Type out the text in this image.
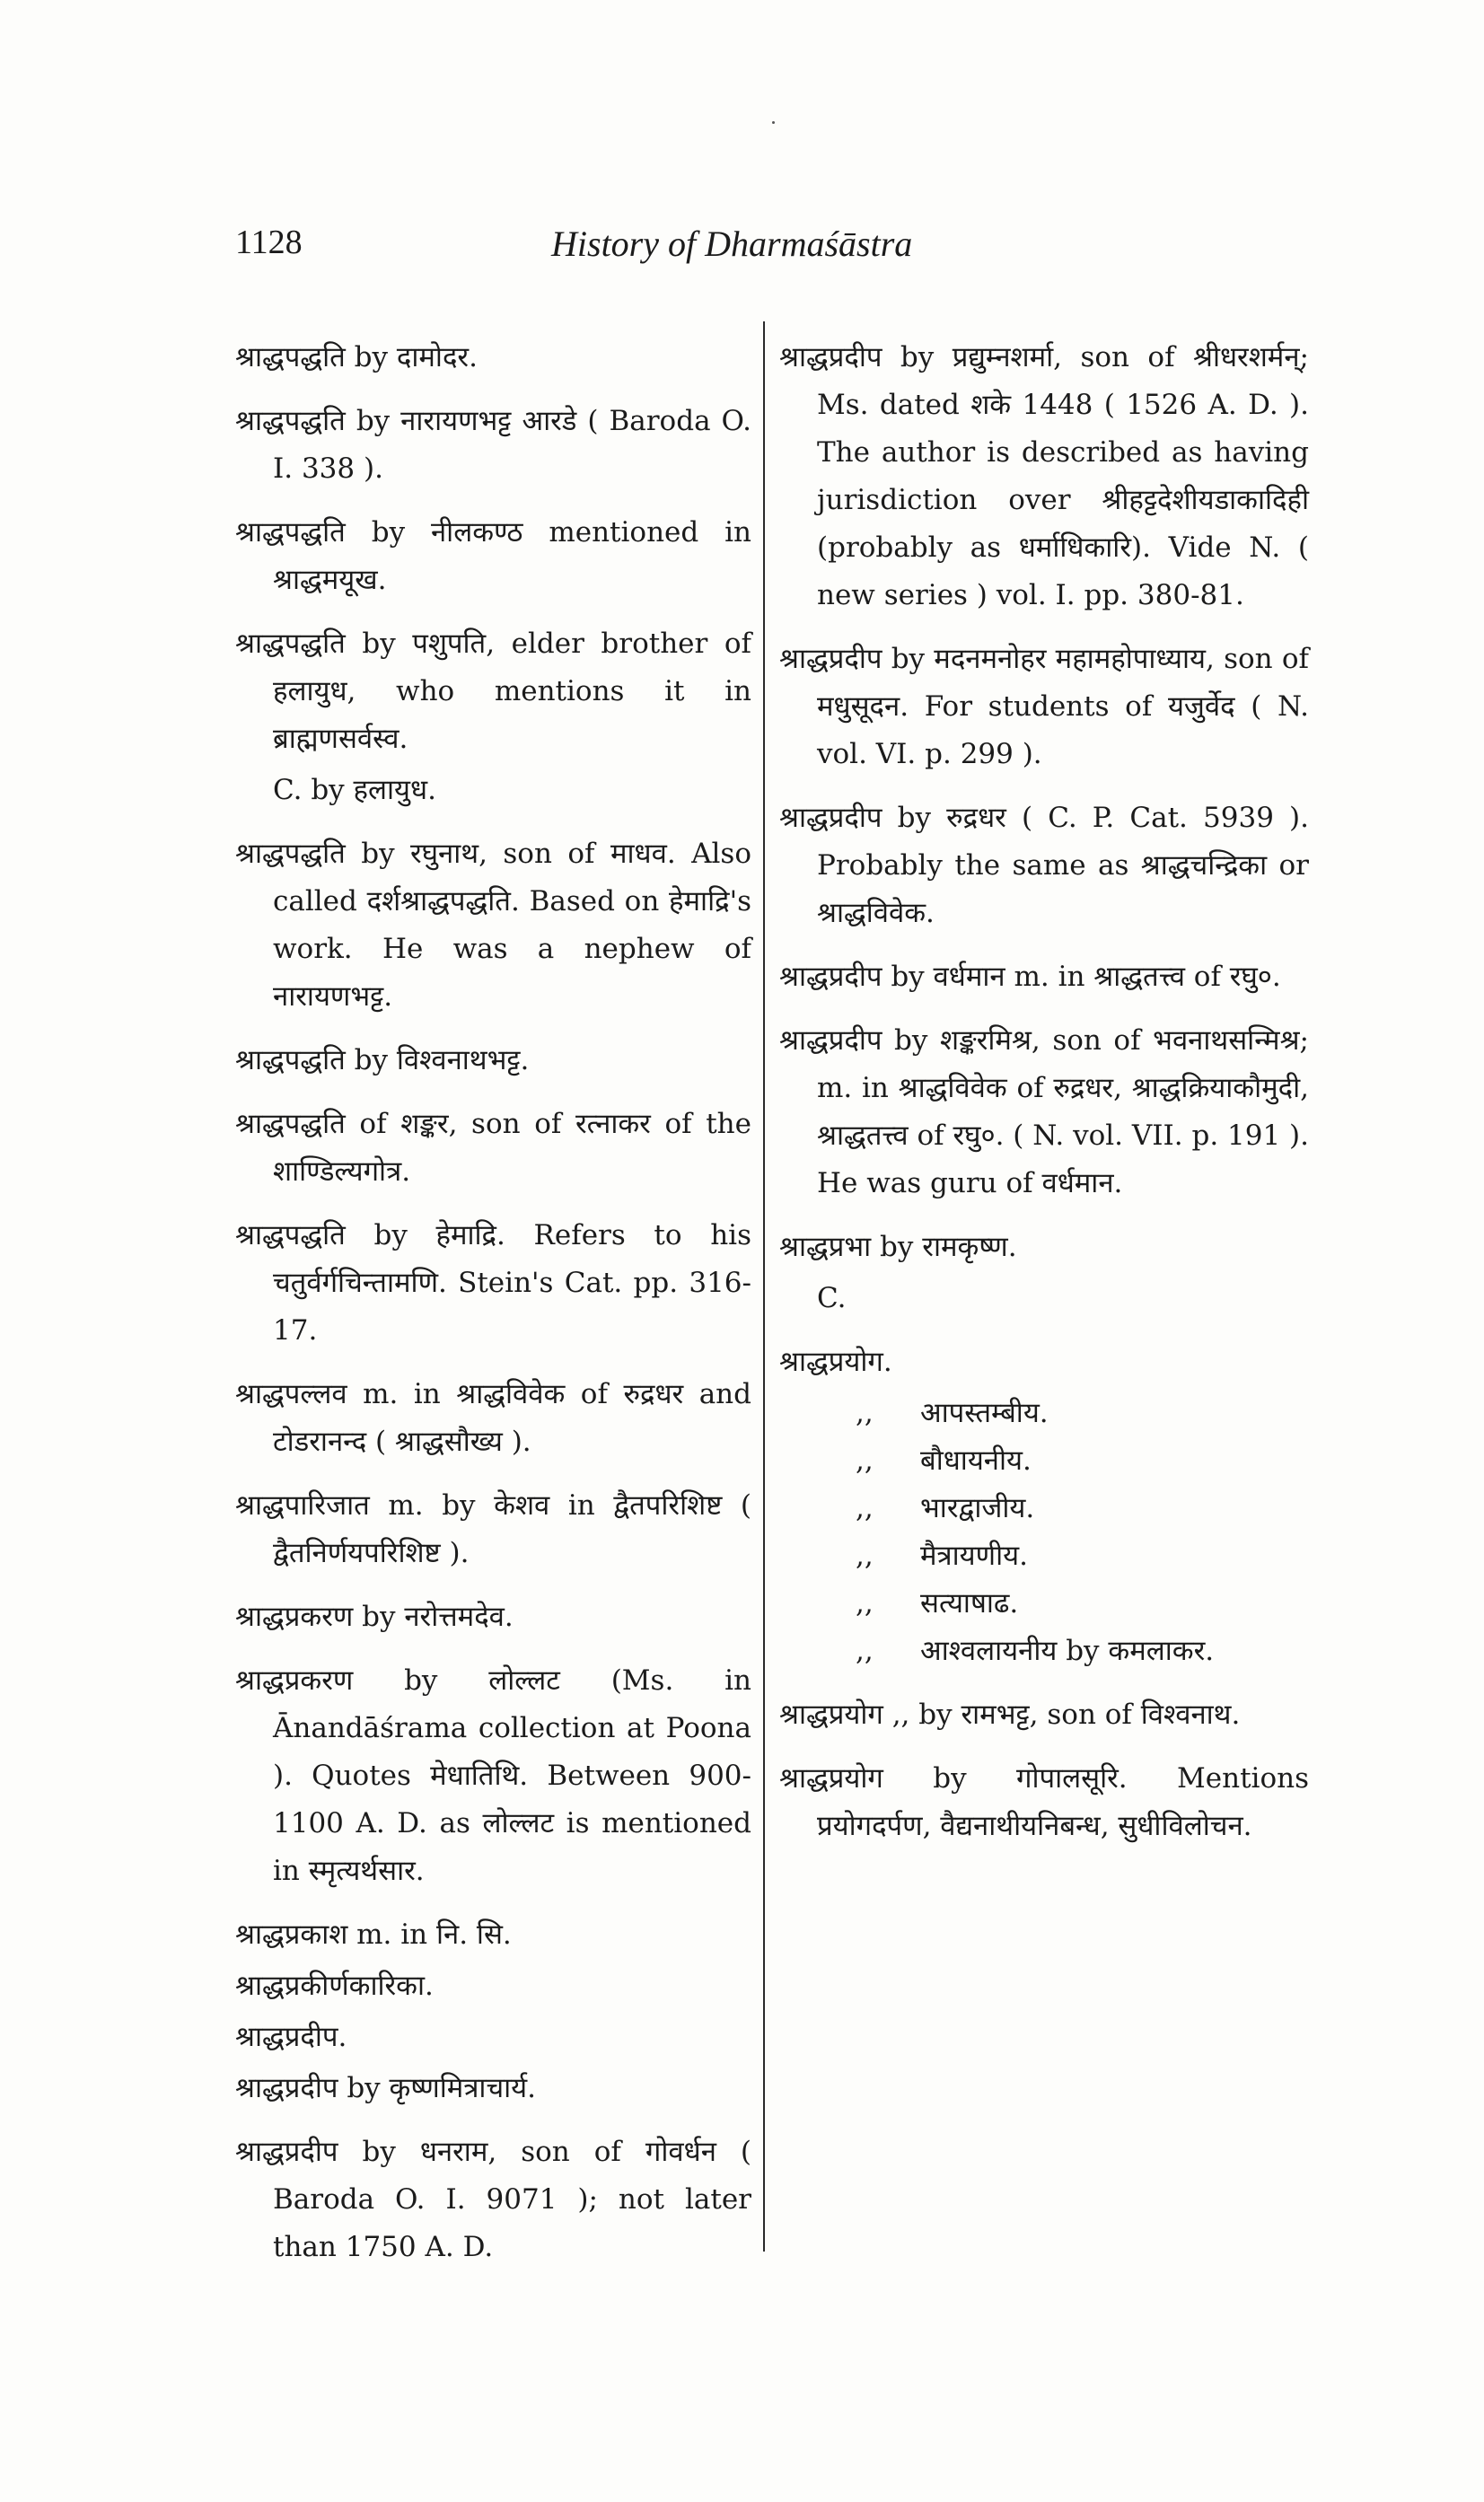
1128	History of Dharmaśāstra
श्राद्धपद्धति by दामोदर.
श्राद्धपद्धति by नारायणभट्ट आरडे ( Baroda O. I. 338 ).
श्राद्धपद्धति by नीलकण्ठ mentioned in श्राद्धमयूख.
श्राद्धपद्धति by पशुपति, elder brother of हलायुध, who mentions it in ब्राह्मणसर्वस्व.
C. by हलायुध.
श्राद्धपद्धति by रघुनाथ, son of माधव. Also called दर्शश्राद्धपद्धति. Based on हेमाद्रि's work. He was a nephew of नारायणभट्ट.
श्राद्धपद्धति by विश्वनाथभट्ट.
श्राद्धपद्धति of शङ्कर, son of रत्नाकर of the शाण्डिल्यगोत्र.
श्राद्धपद्धति by हेमाद्रि. Refers to his चतुर्वर्गचिन्तामणि. Stein's Cat. pp. 316-17.
श्राद्धपल्लव m. in श्राद्धविवेक of रुद्रधर and टोडरानन्द ( श्राद्धसौख्य ).
श्राद्धपारिजात m. by केशव in द्वैतपरिशिष्ट ( द्वैतनिर्णयपरिशिष्ट ).
श्राद्धप्रकरण by नरोत्तमदेव.
श्राद्धप्रकरण by लोल्लट (Ms. in Ānandāśrama collection at Poona ). Quotes मेधातिथि. Between 900-1100 A. D. as लोल्लट is mentioned in स्मृत्यर्थसार.
श्राद्धप्रकाश m. in नि. सि.
श्राद्धप्रकीर्णकारिका.
श्राद्धप्रदीप.
श्राद्धप्रदीप by कृष्णमित्राचार्य.
श्राद्धप्रदीप by धनराम, son of गोवर्धन ( Baroda O. I. 9071 ); not later than 1750 A. D.
श्राद्धप्रदीप by प्रद्युम्नशर्मा, son of श्रीधरशर्मन्; Ms. dated शके 1448 ( 1526 A. D. ). The author is described as having jurisdiction over श्रीहट्टदेशीयडाकादिही (probably as धर्माधिकारि). Vide N. ( new series ) vol. I. pp. 380-81.
श्राद्धप्रदीप by मदनमनोहर महामहोपाध्याय, son of मधुसूदन. For students of यजुर्वेद ( N. vol. VI. p. 299 ).
श्राद्धप्रदीप by रुद्रधर ( C. P. Cat. 5939 ). Probably the same as श्राद्धचन्द्रिका or श्राद्धविवेक.
श्राद्धप्रदीप by वर्धमान m. in श्राद्धतत्त्व of रघु०.
श्राद्धप्रदीप by शङ्करमिश्र, son of भवनाथसन्मिश्र; m. in श्राद्धविवेक of रुद्रधर, श्राद्धक्रियाकौमुदी, श्राद्धतत्त्व of रघु०. ( N. vol. VII. p. 191 ). He was guru of वर्धमान.
श्राद्धप्रभा by रामकृष्ण.
C.
श्राद्धप्रयोग.
,,	आपस्तम्बीय.
,,	बौधायनीय.
,,	भारद्वाजीय.
,,	मैत्रायणीय.
,,	सत्याषाढ.
,,	आश्वलायनीय by कमलाकर.
श्राद्धप्रयोग ,, by रामभट्ट, son of विश्वनाथ.
श्राद्धप्रयोग by गोपालसूरि. Mentions प्रयोगदर्पण, वैद्यनाथीयनिबन्ध, सुधीविलोचन.
